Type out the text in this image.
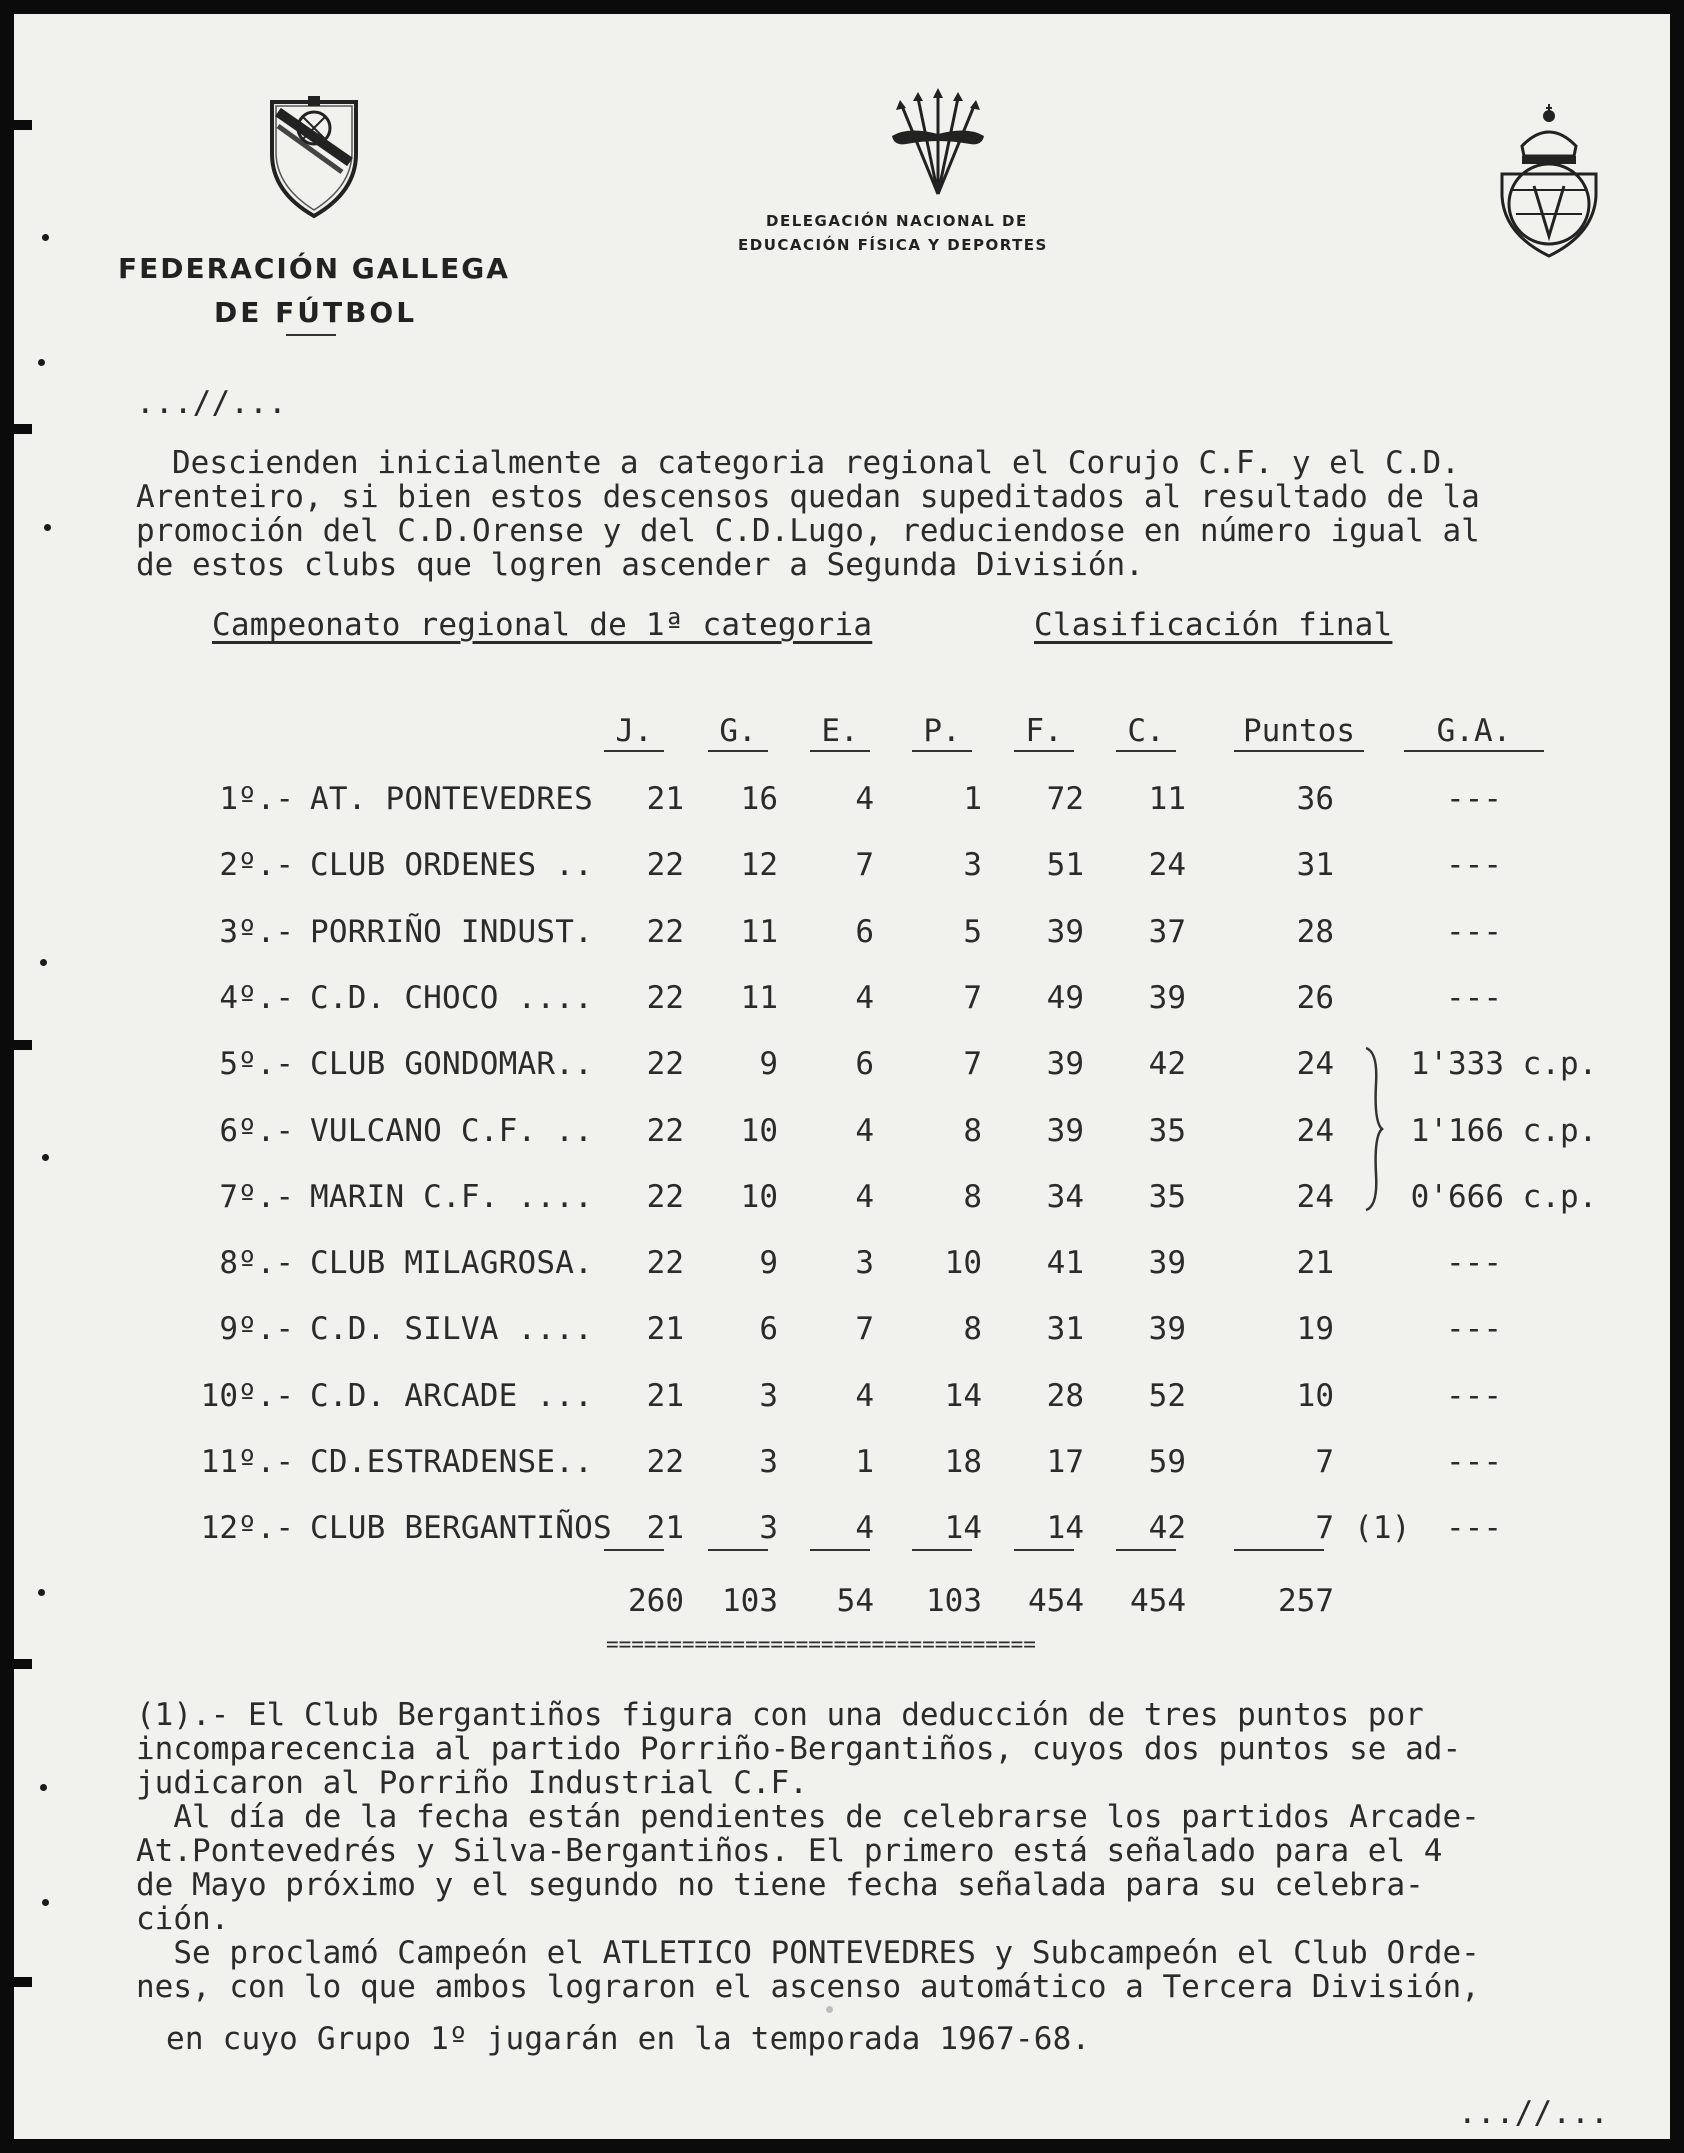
FEDERACIÓN GALLEGA
DE FÚTBOL
DELEGACIÓN NACIONAL DE
EDUCACIÓN FÍSICA Y DEPORTES
...//...
Descienden inicialmente a categoria regional el Corujo C.F. y el C.D.
Arenteiro, si bien estos descensos quedan supeditados al resultado de la
promoción del C.D.Orense y del C.D.Lugo, reduciendose en número igual al
de estos clubs que logren ascender a Segunda División.
Campeonato regional de 1ª categoria	Clasificación final
J.	G.	E.	P.	F.	C.	Puntos	G.A.
1º.- AT. PONTEVEDRES	21	16	4	1	72	11	36	---
2º.- CLUB ORDENES ..	22	12	7	3	51	24	31	---
3º.- PORRIÑO INDUST.	22	11	6	5	39	37	28	---
4º.- C.D. CHOCO ....	22	11	4	7	49	39	26	---
5º.- CLUB GONDOMAR..	22	9	6	7	39	42	24	1'333 c.p.
6º.- VULCANO C.F. ..	22	10	4	8	39	35	24	1'166 c.p.
7º.- MARIN C.F. ....	22	10	4	8	34	35	24	0'666 c.p.
8º.- CLUB MILAGROSA.	22	9	3	10	41	39	21	---
9º.- C.D. SILVA ....	21	6	7	8	31	39	19	---
10º.- C.D. ARCADE ...	21	3	4	14	28	52	10	---
11º.- CD.ESTRADENSE..	22	3	1	18	17	59	7	---
12º.- CLUB BERGANTIÑOS	21	3	4	14	14	42	7 (1)	---
260	103	54	103	454	454	257
==================================
(1).- El Club Bergantiños figura con una deducción de tres puntos por
incomparecencia al partido Porriño-Bergantiños, cuyos dos puntos se ad-
judicaron al Porriño Industrial C.F.
Al día de la fecha están pendientes de celebrarse los partidos Arcade-
At.Pontevedrés y Silva-Bergantiños. El primero está señalado para el 4
de Mayo próximo y el segundo no tiene fecha señalada para su celebra-
ción.
Se proclamó Campeón el ATLETICO PONTEVEDRES y Subcampeón el Club Orde-
nes, con lo que ambos lograron el ascenso automático a Tercera División,
en cuyo Grupo 1º jugarán en la temporada 1967-68.
...//...
